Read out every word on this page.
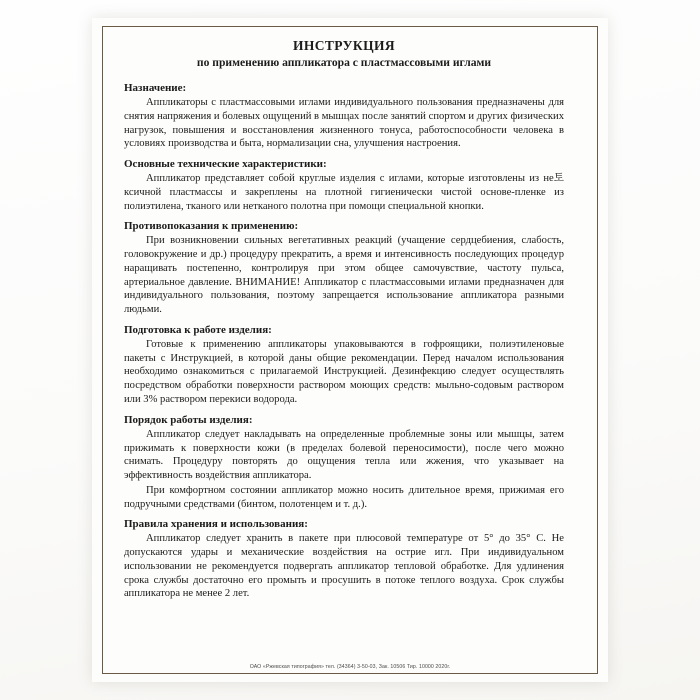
ИНСТРУКЦИЯ
по применению аппликатора с пластмассовыми иглами
Назначение:

Аппликаторы с пластмассовыми иглами индивидуального пользования предназначены для снятия напряжения и болевых ощущений в мышцах после занятий спортом и других физических нагрузок, повышения и восстановления жизненного тонуса, работоспособности человека в условиях производства и быта, нормализации сна, улучшения настроения.

Основные технические характеристики:

Аппликатор представляет собой круглые изделия с иглами, которые изготовлены из не토ксичной пластмассы и закреплены на плотной гигиенически чистой основе-пленке из полиэтилена, тканого или нетканого полотна при помощи специальной кнопки.

Противопоказания к применению:

При возникновении сильных вегетативных реакций (учащение сердцебиения, слабость, головокружение и др.) процедуру прекратить, а время и интенсивность последующих процедур наращивать постепенно, контролируя при этом общее самочувствие, частоту пульса, артериальное давление. ВНИМАНИЕ! Аппликатор с пластмассовыми иглами предназначен для индивидуального пользования, поэтому запрещается использование аппликатора разными людьми.

Подготовка к работе изделия:

Готовые к применению аппликаторы упаковываются в гофроящики, полиэтиленовые пакеты с Инструкцией, в которой даны общие рекомендации. Перед началом использования необходимо ознакомиться с прилагаемой Инструкцией. Дезинфекцию следует осуществлять посредством обработки поверхности раствором моющих средств: мыльно-содовым раствором или 3% раствором перекиси водорода.

Порядок работы изделия:

Аппликатор следует накладывать на определенные проблемные зоны или мышцы, затем прижимать к поверхности кожи (в пределах болевой переносимости), после чего можно снимать. Процедуру повторять до ощущения тепла или жжения, что указывает на эффективность воздействия аппликатора.

При комфортном состоянии аппликатор можно носить длительное время, прижимая его подручными средствами (бинтом, полотенцем и т. д.).

Правила хранения и использования:

Аппликатор следует хранить в пакете при плюсовой температуре от 5° до 35° С. Не допускаются удары и механические воздействия на острие игл. При индивидуальном использовании не рекомендуется подвергать аппликатор тепловой обработке. Для удлинения срока службы достаточно его промыть и просушить в потоке теплого воздуха. Срок службы аппликатора не менее 2 лет.

ОАО «Ржевская типография» тел. (34364) 3-50-03, Зак. 10506 Тир. 10000 2020г.
